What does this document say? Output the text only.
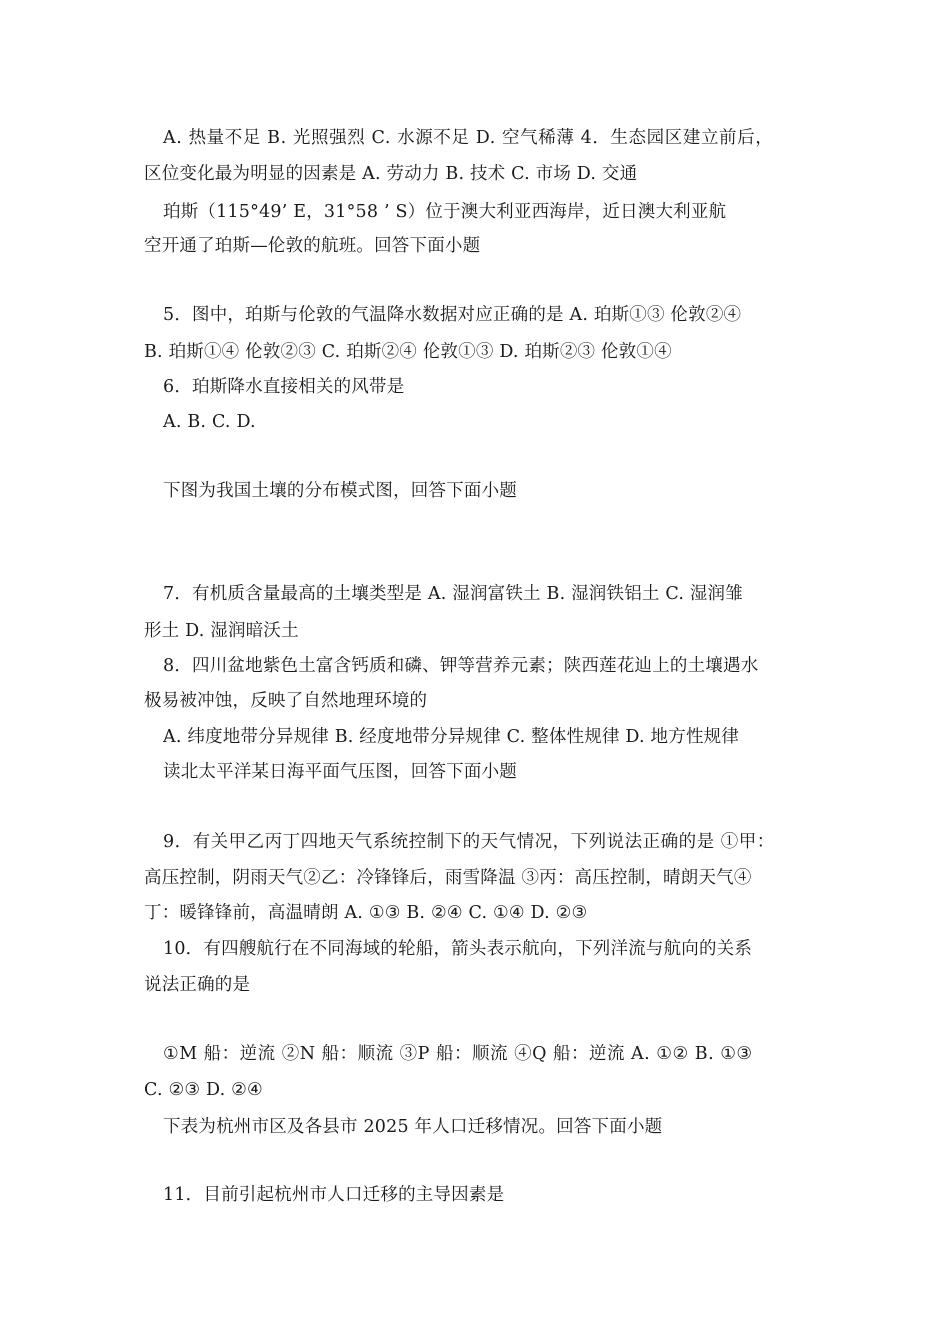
A. 热量不足 B. 光照强烈 C. 水源不足 D. 空气稀薄 4．生态园区建立前后，
区位变化最为明显的因素是 A. 劳动力 B. 技术 C. 市场 D. 交通
珀斯（115°49’ E，31°58 ’ S）位于澳大利亚西海岸，近日澳大利亚航
空开通了珀斯—伦敦的航班。回答下面小题
5．图中，珀斯与伦敦的气温降水数据对应正确的是 A. 珀斯①③ 伦敦②④
B. 珀斯①④ 伦敦②③ C. 珀斯②④ 伦敦①③ D. 珀斯②③ 伦敦①④
6．珀斯降水直接相关的风带是
A. B. C. D.
下图为我国土壤的分布模式图，回答下面小题
7．有机质含量最高的土壤类型是 A. 湿润富铁土 B. 湿润铁铝土 C. 湿润雏
形土 D. 湿润暗沃土
8．四川盆地紫色土富含钙质和磷、钾等营养元素；陕西莲花辿上的土壤遇水
极易被冲蚀，反映了自然地理环境的
A. 纬度地带分异规律 B. 经度地带分异规律 C. 整体性规律 D. 地方性规律
读北太平洋某日海平面气压图，回答下面小题
9．有关甲乙丙丁四地天气系统控制下的天气情况，下列说法正确的是 ①甲：
高压控制，阴雨天气②乙：冷锋锋后，雨雪降温 ③丙：高压控制，晴朗天气④
丁：暖锋锋前，高温晴朗 A. ①③ B. ②④ C. ①④ D. ②③
10．有四艘航行在不同海域的轮船，箭头表示航向，下列洋流与航向的关系
说法正确的是
①M 船：逆流 ②N 船：顺流 ③P 船：顺流 ④Q 船：逆流 A. ①② B. ①③
C. ②③ D. ②④
下表为杭州市区及各县市 2025 年人口迁移情况。回答下面小题
11．目前引起杭州市人口迁移的主导因素是
